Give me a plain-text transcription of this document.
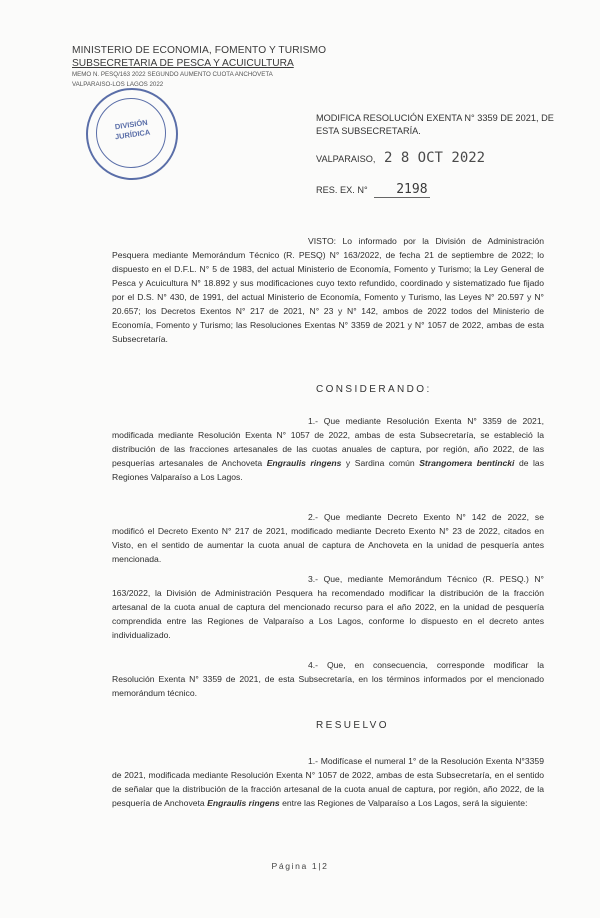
MINISTERIO DE ECONOMIA, FOMENTO Y TURISMO
SUBSECRETARIA DE PESCA Y ACUICULTURA
MEMO N. PESQ/163 2022 SEGUNDO AUMENTO CUOTA ANCHOVETA
VALPARAISO-LOS LAGOS 2022
DIVISIÓN
JURÍDICA
MODIFICA RESOLUCIÓN EXENTA N° 3359 DE 2021, DE ESTA SUBSECRETARÍA.
VALPARAISO, 2 8 OCT 2022
RES. EX. N° 2198

VISTO: Lo informado por la División de Administración Pesquera mediante Memorándum Técnico (R. PESQ) N° 163/2022, de fecha 21 de septiembre de 2022; lo dispuesto en el D.F.L. N° 5 de 1983, del actual Ministerio de Economía, Fomento y Turismo; la Ley General de Pesca y Acuicultura N° 18.892 y sus modificaciones cuyo texto refundido, coordinado y sistematizado fue fijado por el D.S. N° 430, de 1991, del actual Ministerio de Economía, Fomento y Turismo, las Leyes N° 20.597 y N° 20.657; los Decretos Exentos N° 217 de 2021, N° 23 y N° 142, ambos de 2022 todos del Ministerio de Economía, Fomento y Turismo; las Resoluciones Exentas N° 3359 de 2021 y N° 1057 de 2022, ambas de esta Subsecretaría.

CONSIDERANDO:

1.- Que mediante Resolución Exenta N° 3359 de 2021, modificada mediante Resolución Exenta N° 1057 de 2022, ambas de esta Subsecretaría, se estableció la distribución de las fracciones artesanales de las cuotas anuales de captura, por región, año 2022, de las pesquerías artesanales de Anchoveta Engraulis ringens y Sardina común Strangomera bentincki de las Regiones Valparaíso a Los Lagos.

2.- Que mediante Decreto Exento N° 142 de 2022, se modificó el Decreto Exento N° 217 de 2021, modificado mediante Decreto Exento N° 23 de 2022, citados en Visto, en el sentido de aumentar la cuota anual de captura de Anchoveta en la unidad de pesquería antes mencionada.

3.- Que, mediante Memorándum Técnico (R. PESQ.) N° 163/2022, la División de Administración Pesquera ha recomendado modificar la distribución de la fracción artesanal de la cuota anual de captura del mencionado recurso para el año 2022, en la unidad de pesquería comprendida entre las Regiones de Valparaíso a Los Lagos, conforme lo dispuesto en el decreto antes individualizado.

4.- Que, en consecuencia, corresponde modificar la Resolución Exenta N° 3359 de 2021, de esta Subsecretaría, en los términos informados por el mencionado memorándum técnico.

RESUELVO

1.- Modifícase el numeral 1° de la Resolución Exenta N°3359 de 2021, modificada mediante Resolución Exenta N° 1057 de 2022, ambas de esta Subsecretaría, en el sentido de señalar que la distribución de la fracción artesanal de la cuota anual de captura, por región, año 2022, de la pesquería de Anchoveta Engraulis ringens entre las Regiones de Valparaíso a Los Lagos, será la siguiente:

Página 1|2
